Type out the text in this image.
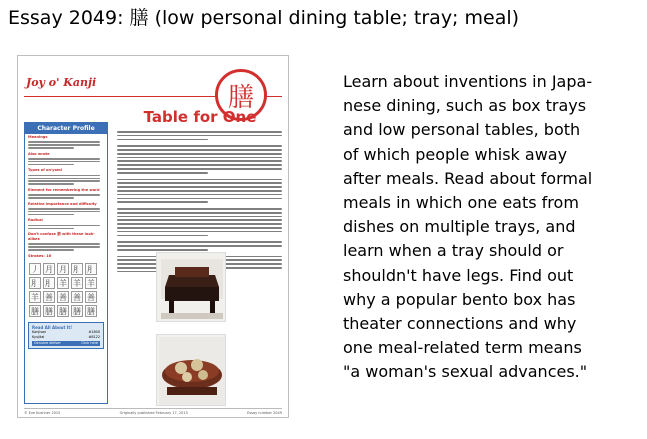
Essay 2049: 膳 (low personal dining table; tray; meal)
Joy o' Kanji	膳
Character Profile
Meanings
Also wrote
Types of on'yomi
Element for remembering the word
Relative importance and difficulty
Radical
Don't confuse 膳 with these look-alikes
Strokes: 16
丿 月 月 ⺼ ⺼
⺼ ⺼ 羊 羊 羊
羊 善 善 善 善
膳 膳 膳 膳 膳
Read All About It!
Kanjisan	#1800
Kyujitai	#8122
Genuine deliver	Click here
Table for One
© Eve Kushner 2015	Originally published February 17, 2015	Essay number 2049
Learn about inventions in Japa-
nese dining, such as box trays
and low personal tables, both
of which people whisk away
after meals. Read about formal
meals in which one eats from
dishes on multiple trays, and
learn when a tray should or
shouldn't have legs. Find out
why a popular bento box has
theater connections and why
one meal-related term means
"a woman's sexual advances."
